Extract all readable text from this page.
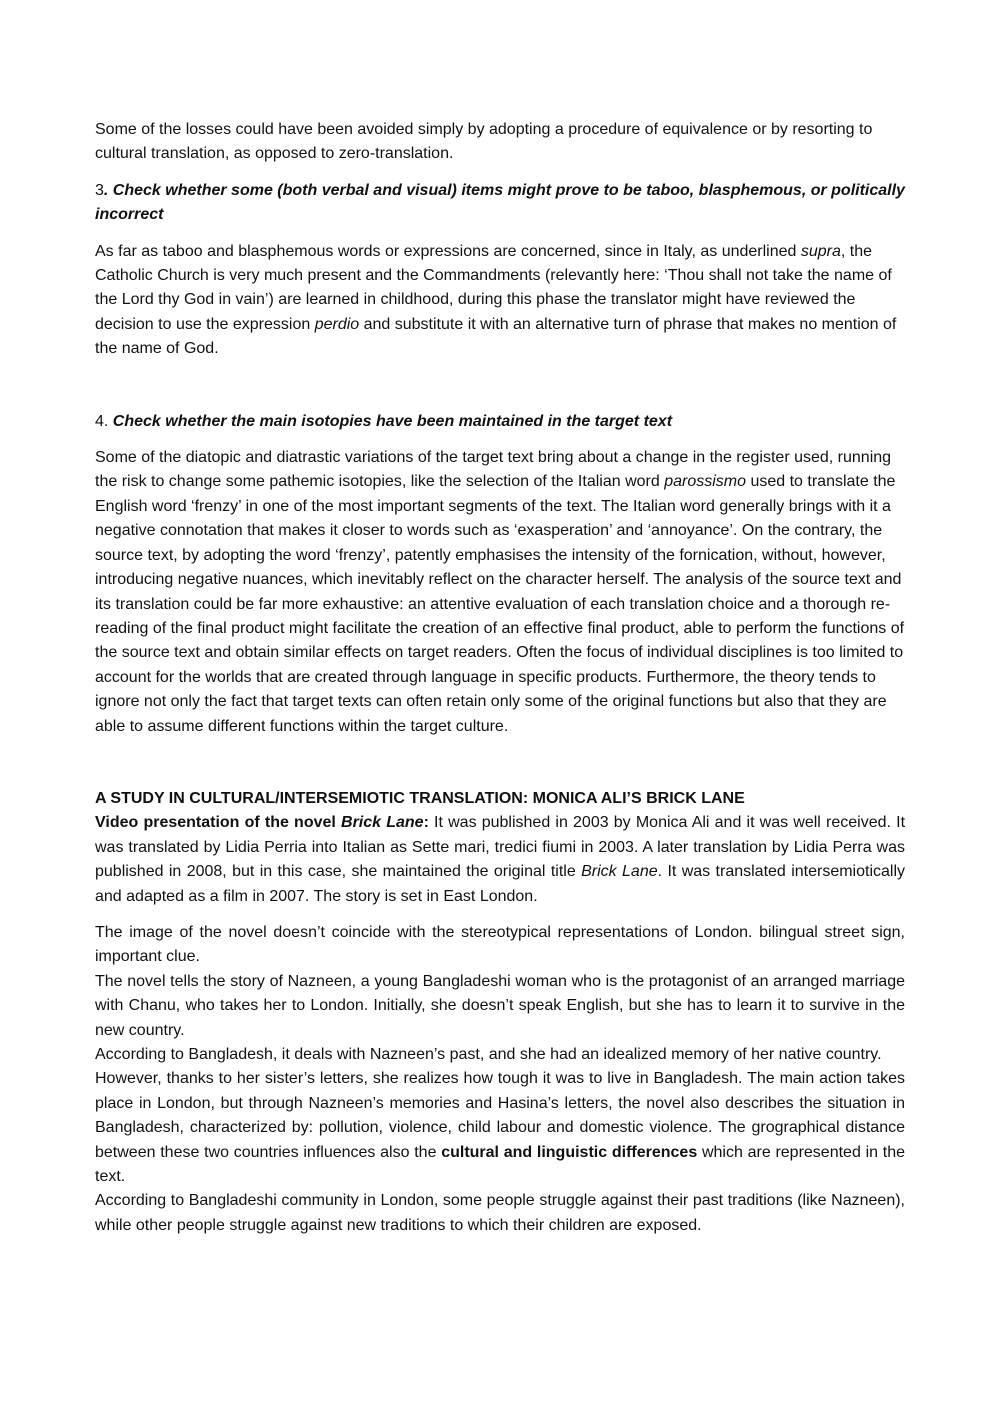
Some of the losses could have been avoided simply by adopting a procedure of equivalence or by resorting to cultural translation, as opposed to zero-translation.

3. Check whether some (both verbal and visual) items might prove to be taboo, blasphemous, or politically incorrect

As far as taboo and blasphemous words or expressions are concerned, since in Italy, as underlined supra, the Catholic Church is very much present and the Commandments (relevantly here: ‘Thou shall not take the name of the Lord thy God in vain’) are learned in childhood, during this phase the translator might have reviewed the decision to use the expression perdio and substitute it with an alternative turn of phrase that makes no mention of the name of God.

4. Check whether the main isotopies have been maintained in the target text

Some of the diatopic and diatrastic variations of the target text bring about a change in the register used, running the risk to change some pathemic isotopies, like the selection of the Italian word parossismo used to translate the English word ‘frenzy’ in one of the most important segments of the text. The Italian word generally brings with it a negative connotation that makes it closer to words such as ‘exasperation’ and ‘annoyance’. On the contrary, the source text, by adopting the word ‘frenzy’, patently emphasises the intensity of the fornication, without, however, introducing negative nuances, which inevitably reflect on the character herself. The analysis of the source text and its translation could be far more exhaustive: an attentive evaluation of each translation choice and a thorough re-reading of the final product might facilitate the creation of an effective final product, able to perform the functions of the source text and obtain similar effects on target readers. Often the focus of individual disciplines is too limited to account for the worlds that are created through language in specific products. Furthermore, the theory tends to ignore not only the fact that target texts can often retain only some of the original functions but also that they are able to assume different functions within the target culture.

A STUDY IN CULTURAL/INTERSEMIOTIC TRANSLATION: MONICA ALI’S BRICK LANE

Video presentation of the novel Brick Lane: It was published in 2003 by Monica Ali and it was well received. It was translated by Lidia Perria into Italian as Sette mari, tredici fiumi in 2003. A later translation by Lidia Perra was published in 2008, but in this case, she maintained the original title Brick Lane. It was translated intersemiotically and adapted as a film in 2007. The story is set in East London.

The image of the novel doesn’t coincide with the stereotypical representations of London. bilingual street sign, important clue.

The novel tells the story of Nazneen, a young Bangladeshi woman who is the protagonist of an arranged marriage with Chanu, who takes her to London. Initially, she doesn’t speak English, but she has to learn it to survive in the new country.

According to Bangladesh, it deals with Nazneen’s past, and she had an idealized memory of her native country.

However, thanks to her sister’s letters, she realizes how tough it was to live in Bangladesh. The main action takes place in London, but through Nazneen’s memories and Hasina’s letters, the novel also describes the situation in Bangladesh, characterized by: pollution, violence, child labour and domestic violence. The grographical distance between these two countries influences also the cultural and linguistic differences which are represented in the text.

According to Bangladeshi community in London, some people struggle against their past traditions (like Nazneen), while other people struggle against new traditions to which their children are exposed.
